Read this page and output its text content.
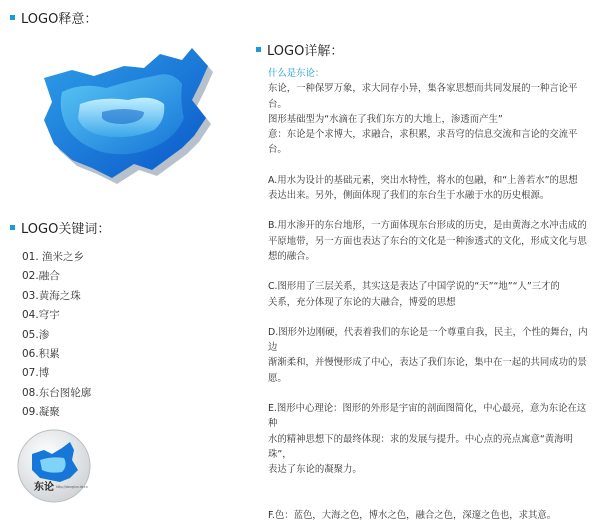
LOGO释意：
LOGO关键词：
01. 渔米之乡
02.融合
03.黄海之珠
04.穹宇
05.渗
06.积累
07.博
08.东台图轮廓
09.凝聚
东论 http://donglun.dt.cn
LOGO详解：

什么是东论：

东论，一种保罗万象，求大同存小异，集各家思想而共同发展的一种言论平台。

图形基础型为“水滴在了我们东方的大地上，渗透而产生”

意：东论是个求博大，求融合，求积累，求吾穹的信息交流和言论的交流平台。

A.用水为设计的基础元素，突出水特性，将水的包融，和“上善若水”的思想

表达出来。另外，侧面体现了我们的东台生于水融于水的历史根源。

B.用水渗开的东台地形，一方面体现东台形成的历史，是由黄海之水冲击成的

平原地带，另一方面也表达了东台的文化是一种渗透式的文化，形成文化与思

想的融合。

C.图形用了三层关系，其实这是表达了中国学说的“天”“地”“人”三才的

关系，充分体现了东论的大融合，博爱的思想

D.图形外边刚硬，代表着我们的东论是一个尊重自我，民主，个性的舞台，内边

渐渐柔和，并慢慢形成了中心，表达了我们东论，集中在一起的共同成功的景愿。

E.图形中心理论：图形的外形是宇宙的剖面图简化，中心最亮，意为东论在这种

水的精神思想下的最终体现：求的发展与提升。中心点的亮点寓意“黄海明珠”，

表达了东论的凝聚力。

F.色：蓝色，大海之色，博水之色，融合之色，深邃之色也，求其意。
